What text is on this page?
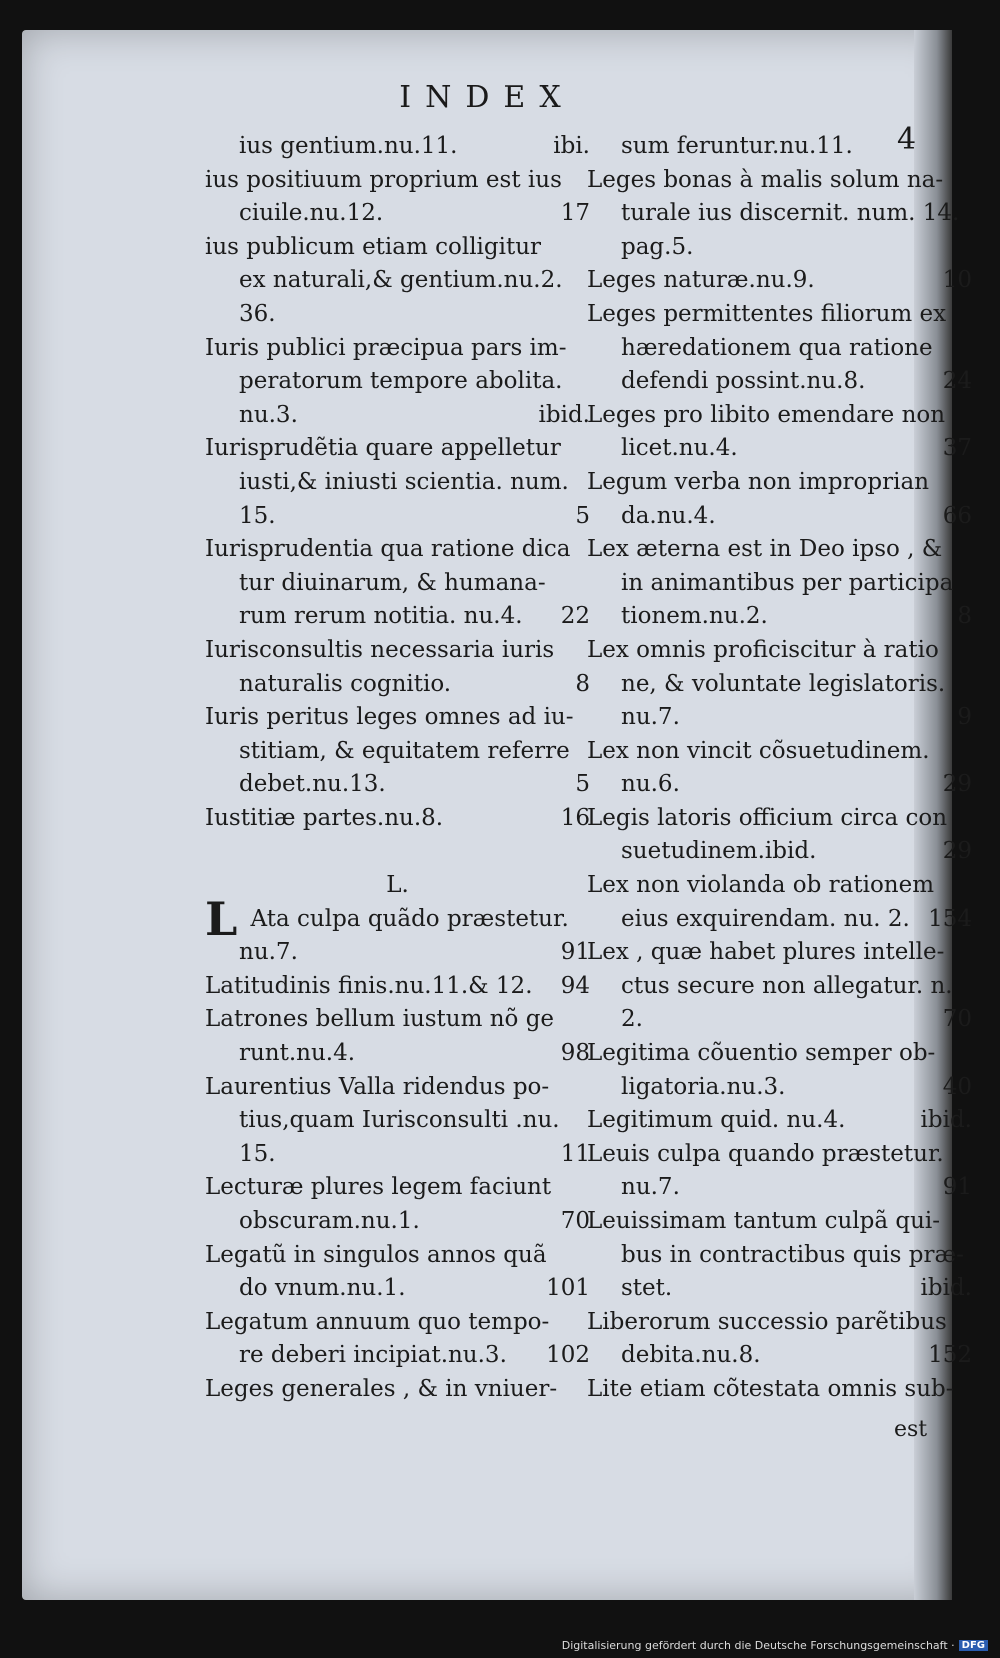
INDEX
4
ius gentium.nu.11.	ibi.
ius positiuum proprium est ius
ciuile.nu.12.	17
ius publicum etiam colligitur
ex naturali,& gentium.nu.2.
36.
Iuris publici præcipua pars im-
peratorum tempore abolita.
nu.3.	ibid.
Iurisprudẽtia quare appelletur
iusti,& iniusti scientia. num.
15.	5
Iurisprudentia qua ratione dica
tur diuinarum, & humana-
rum rerum notitia. nu.4. 22
Iurisconsultis necessaria iuris
naturalis cognitio.	8
Iuris peritus leges omnes ad iu-
stitiam, & equitatem referre
debet.nu.13.	5
Iustitiæ partes.nu.8.	16
L.
L Ata culpa quãdo præstetur.
nu.7.	91
Latitudinis finis.nu.11.& 12. 94
Latrones bellum iustum nõ ge
runt.nu.4.	98
Laurentius Valla ridendus po-
tius,quam Iurisconsulti .nu.
15.	11
Lecturæ plures legem faciunt
obscuram.nu.1.	70
Legatũ in singulos annos quã
do vnum.nu.1.	101
Legatum annuum quo tempo-
re deberi incipiat.nu.3. 102
Leges generales , & in vniuer-
sum feruntur.nu.11.
Leges bonas à malis solum na-
turale ius discernit. num. 14.
pag.5.
Leges naturæ.nu.9.	10
Leges permittentes filiorum ex
hæredationem qua ratione
defendi possint.nu.8.	24
Leges pro libito emendare non
licet.nu.4.	37
Legum verba non improprian
da.nu.4.	66
Lex æterna est in Deo ipso , &
in animantibus per participa
tionem.nu.2.	8
Lex omnis proficiscitur à ratio
ne, & voluntate legislatoris.
nu.7.	9
Lex non vincit cõsuetudinem.
nu.6.	29
Legis latoris officium circa con
suetudinem.ibid.	29
Lex non violanda ob rationem
eius exquirendam. nu. 2. 154
Lex , quæ habet plures intelle-
ctus secure non allegatur. n.
2.	70
Legitima cõuentio semper ob-
ligatoria.nu.3.	40
Legitimum quid. nu.4.	ibid.
Leuis culpa quando præstetur.
nu.7.	91
Leuissimam tantum culpã qui-
bus in contractibus quis præ-
stet.	ibid.
Liberorum successio parẽtibus
debita.nu.8.	152
Lite etiam cõtestata omnis sub-
est
Digitalisierung gefördert durch die Deutsche Forschungsgemeinschaft · DFG
